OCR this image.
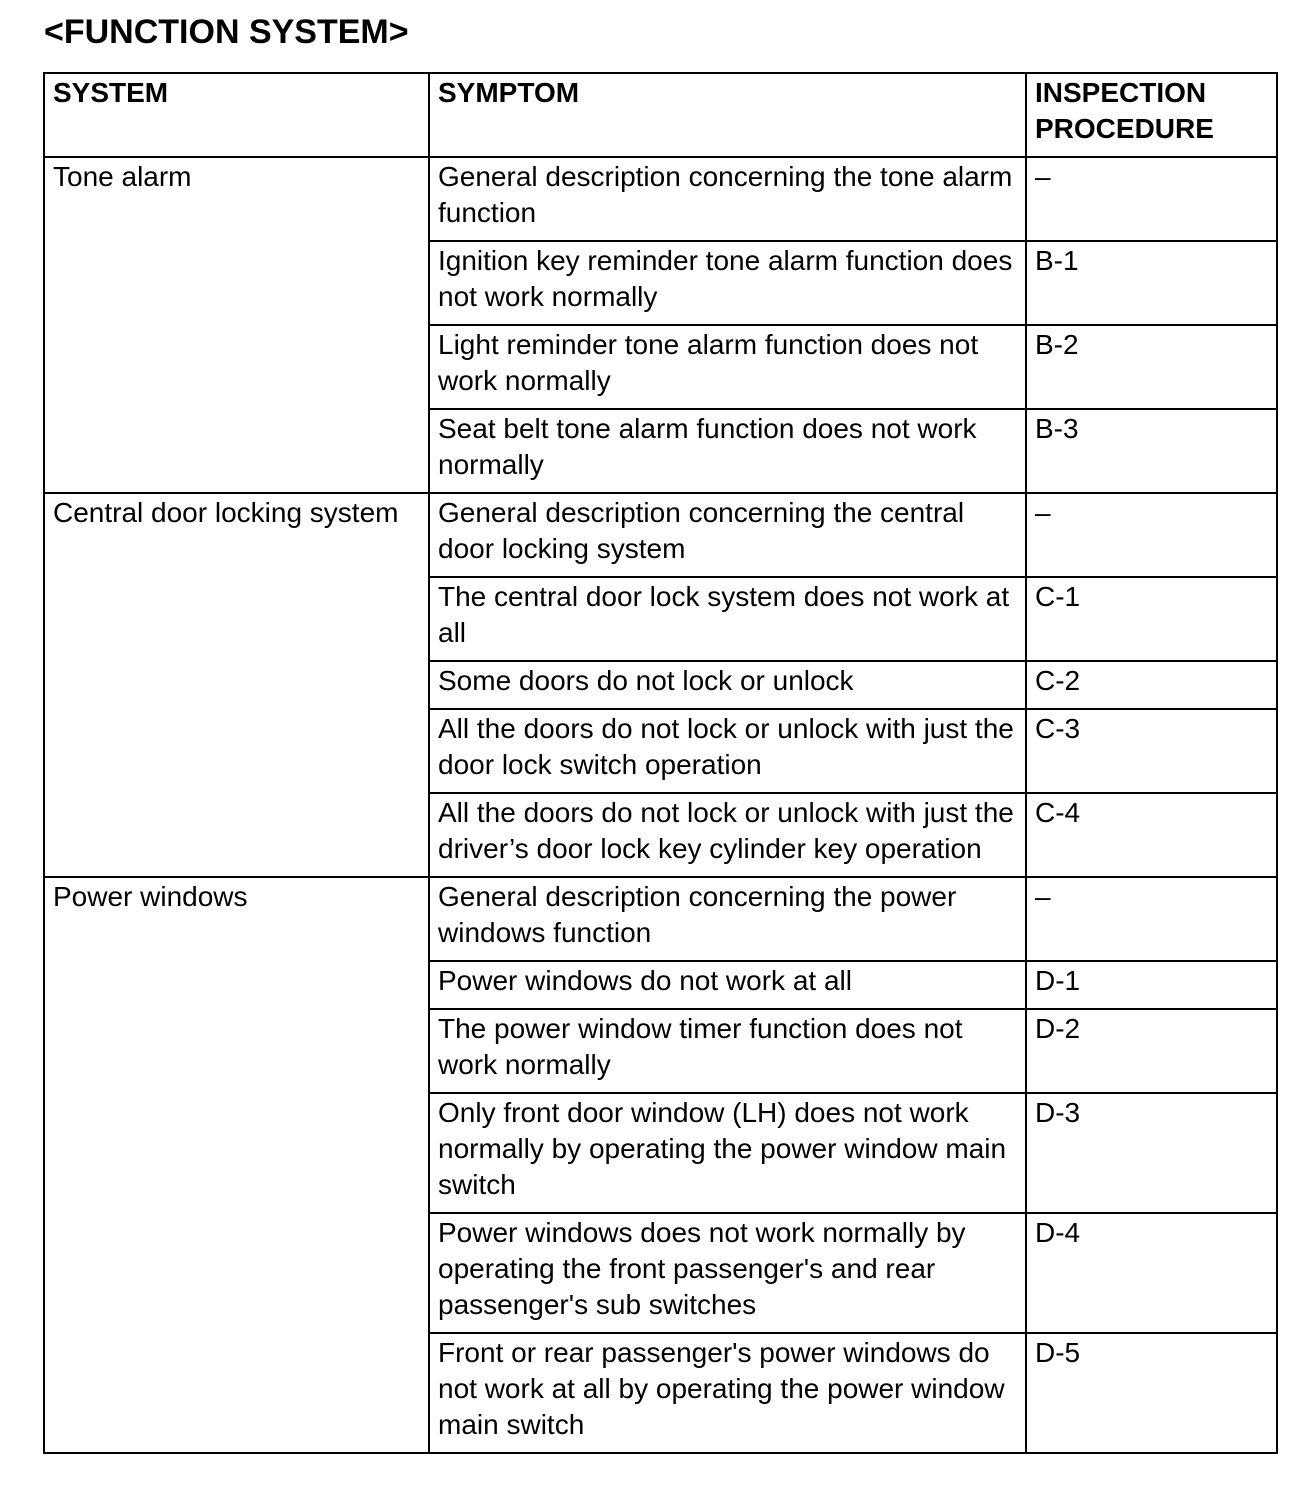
<FUNCTION SYSTEM>
SYSTEM	SYMPTOM	INSPECTION PROCEDURE
Tone alarm	General description concerning the tone alarm function	–
	Ignition key reminder tone alarm function does not work normally	B-1
	Light reminder tone alarm function does not work normally	B-2
	Seat belt tone alarm function does not work normally	B-3
Central door locking system	General description concerning the central door locking system	–
	The central door lock system does not work at all	C-1
	Some doors do not lock or unlock	C-2
	All the doors do not lock or unlock with just the door lock switch operation	C-3
	All the doors do not lock or unlock with just the driver’s door lock key cylinder key operation	C-4
Power windows	General description concerning the power windows function	–
	Power windows do not work at all	D-1
	The power window timer function does not work normally	D-2
	Only front door window (LH) does not work normally by operating the power window main switch	D-3
	Power windows does not work normally by operating the front passenger's and rear passenger's sub switches	D-4
	Front or rear passenger's power windows do not work at all by operating the power window main switch	D-5
